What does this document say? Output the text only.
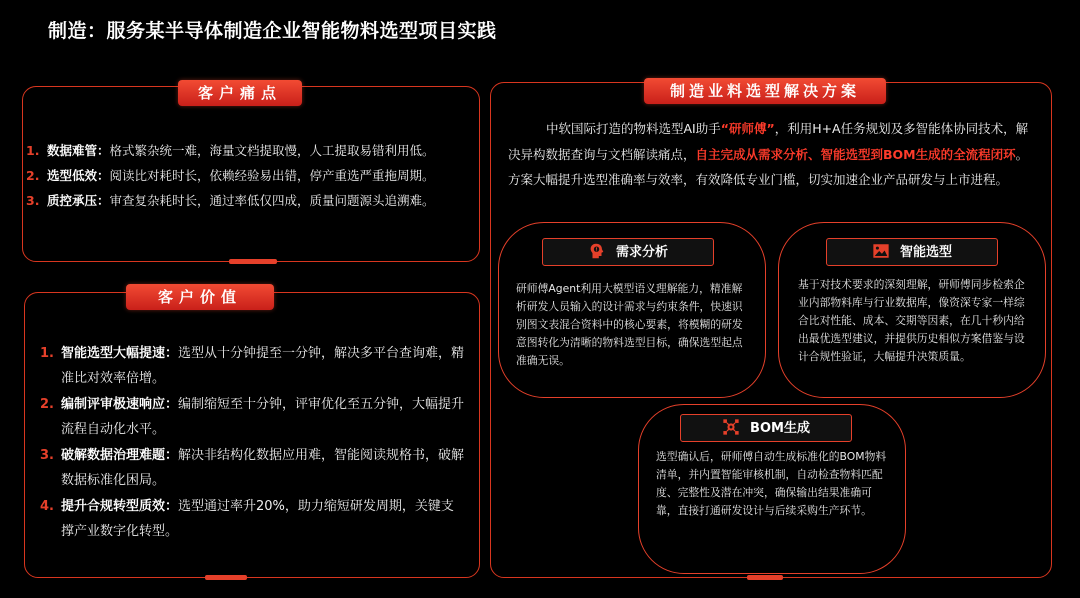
制造：服务某半导体制造企业智能物料选型项目实践
客户痛点
1. 数据难管：格式繁杂统一难，海量文档提取慢，人工提取易错利用低。
2. 选型低效：阅读比对耗时长，依赖经验易出错，停产重选严重拖周期。
3. 质控承压：审查复杂耗时长，通过率低仅四成，质量问题源头追溯难。
客户价值
1. 智能选型大幅提速：选型从十分钟提至一分钟，解决多平台查询难，精准比对效率倍增。
2. 编制评审极速响应：编制缩短至十分钟，评审优化至五分钟，大幅提升流程自动化水平。
3. 破解数据治理难题：解决非结构化数据应用难，智能阅读规格书，破解数据标准化困局。
4. 提升合规转型质效：选型通过率升20%，助力缩短研发周期，关键支撑产业数字化转型。
制造业料选型解决方案
中软国际打造的物料选型AI助手“研师傅”，利用H+A任务规划及多智能体协同技术，解决异构数据查询与文档解读痛点，自主完成从需求分析、智能选型到BOM生成的全流程闭环。方案大幅提升选型准确率与效率，有效降低专业门槛，切实加速企业产品研发与上市进程。
需求分析
研师傅Agent利用大模型语义理解能力，精准解析研发人员输入的设计需求与约束条件，快速识别图文表混合资料中的核心要素，将模糊的研发意图转化为清晰的物料选型目标，确保选型起点准确无误。
智能选型
基于对技术要求的深刻理解，研师傅同步检索企业内部物料库与行业数据库，像资深专家一样综合比对性能、成本、交期等因素，在几十秒内给出最优选型建议，并提供历史相似方案借鉴与设计合规性验证，大幅提升决策质量。
BOM生成
选型确认后，研师傅自动生成标准化的BOM物料清单，并内置智能审核机制，自动检查物料匹配度、完整性及潜在冲突，确保输出结果准确可靠，直接打通研发设计与后续采购生产环节。
